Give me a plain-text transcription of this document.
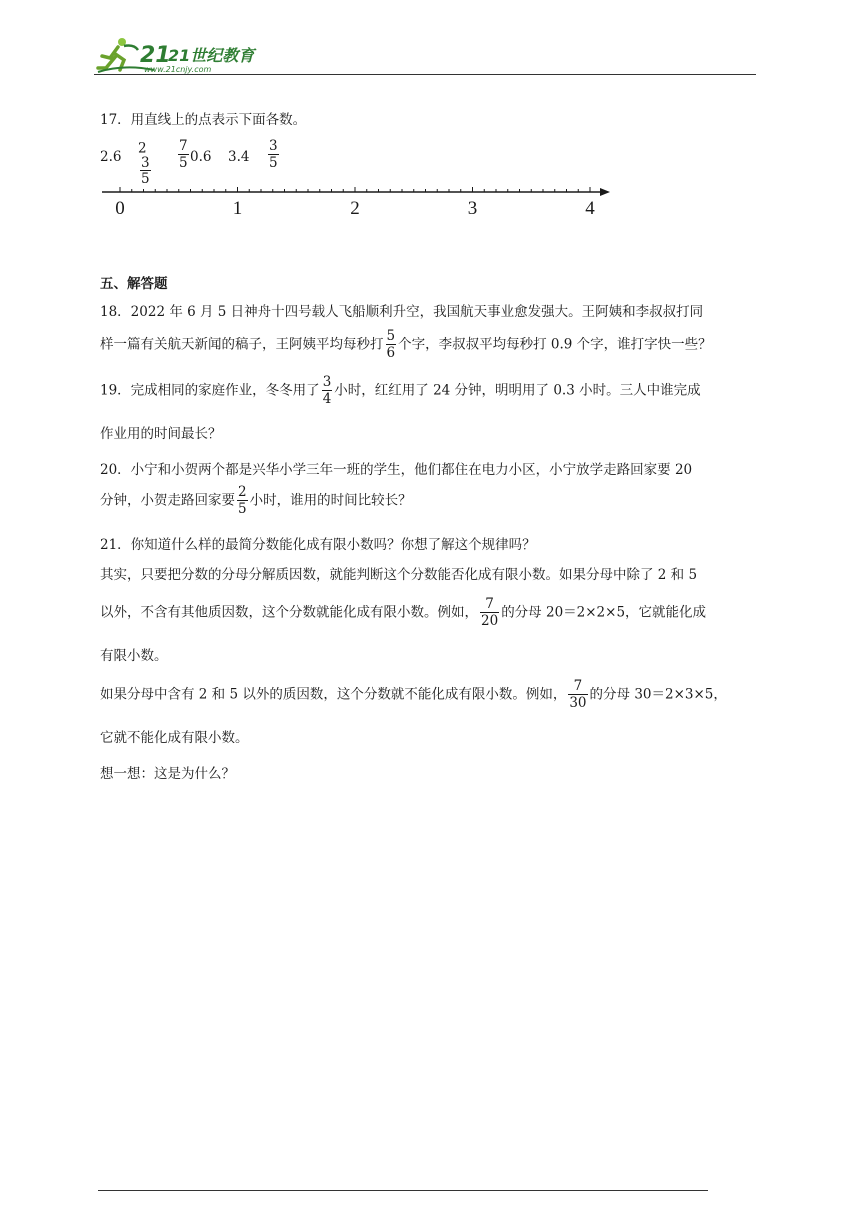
21
21世纪教育
www.21cnjy.com
17．用直线上的点表示下面各数。
2.6
2
$\frac{3}{5}$
$\frac{7}{5} 0.6$ $3.4 \frac{3}{5}$
0	1	2	3	4
五、解答题
18．2022 年 6 月 5 日神舟十四号载人飞船顺利升空，我国航天事业愈发强大。王阿姨和李叔叔打同
样一篇有关航天新闻的稿子，王阿姨平均每秒打 $\frac{5}{6}$ 个字，李叔叔平均每秒打 0.9 个字，谁打字快一些？
19．完成相同的家庭作业，冬冬用了 $\frac{3}{4}$ 小时，红红用了 24 分钟，明明用了 0.3 小时。三人中谁完成
作业用的时间最长？
20．小宁和小贺两个都是兴华小学三年一班的学生，他们都住在电力小区，小宁放学走路回家要 20
分钟，小贺走路回家要 $\frac{2}{5}$ 小时，谁用的时间比较长？
21．你知道什么样的最简分数能化成有限小数吗？你想了解这个规律吗？
其实，只要把分数的分母分解质因数，就能判断这个分数能否化成有限小数。如果分母中除了 2 和 5
以外，不含有其他质因数，这个分数就能化成有限小数。例如， $\frac{7}{20}$ 的分母 20＝2×2×5，它就能化成
有限小数。
如果分母中含有 2 和 5 以外的质因数，这个分数就不能化成有限小数。例如， $\frac{7}{30}$ 的分母 30＝2×3×5，
它就不能化成有限小数。
想一想：这是为什么？
